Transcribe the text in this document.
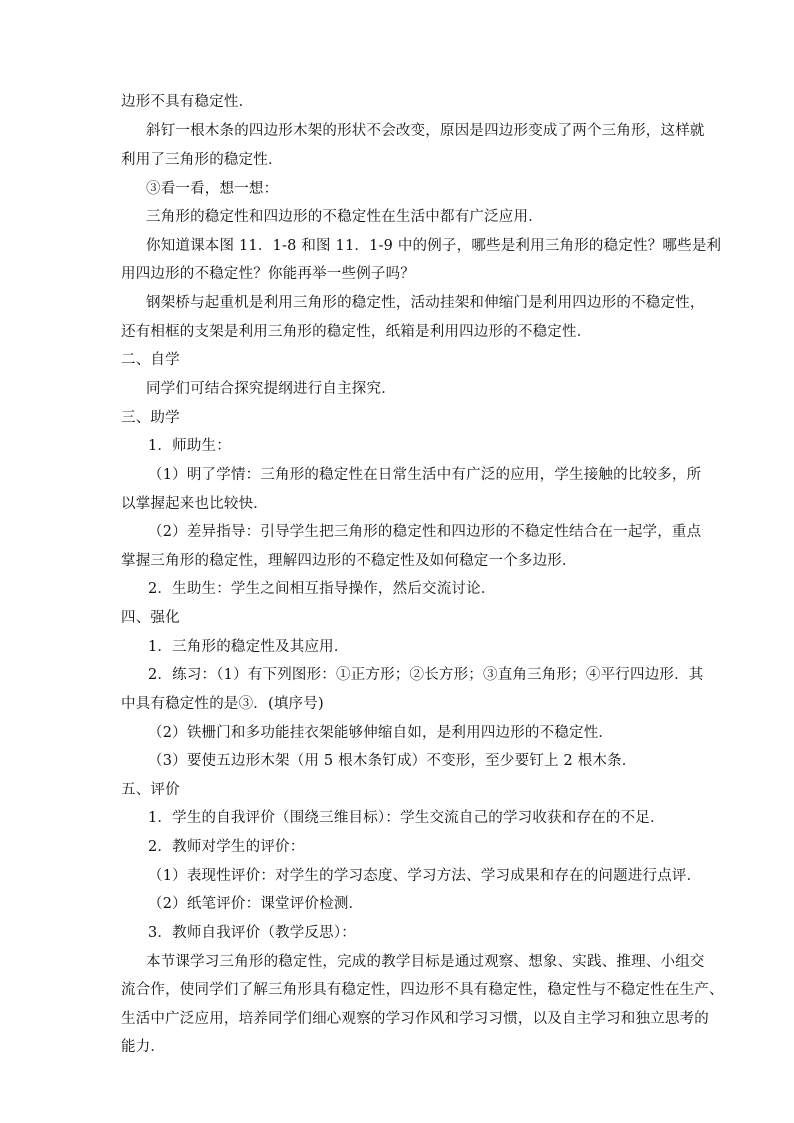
边形不具有稳定性．
斜钉一根木条的四边形木架的形状不会改变，原因是四边形变成了两个三角形，这样就
利用了三角形的稳定性．
③看一看，想一想：
三角形的稳定性和四边形的不稳定性在生活中都有广泛应用．
你知道课本图 11．1-8 和图 11．1-9 中的例子，哪些是利用三角形的稳定性？哪些是利
用四边形的不稳定性？你能再举一些例子吗？
钢架桥与起重机是利用三角形的稳定性，活动挂架和伸缩门是利用四边形的不稳定性，
还有相框的支架是利用三角形的稳定性，纸箱是利用四边形的不稳定性．
二、自学
同学们可结合探究提纲进行自主探究．
三、助学
1．师助生：
（1）明了学情：三角形的稳定性在日常生活中有广泛的应用，学生接触的比较多，所
以掌握起来也比较快．
（2）差异指导：引导学生把三角形的稳定性和四边形的不稳定性结合在一起学，重点
掌握三角形的稳定性，理解四边形的不稳定性及如何稳定一个多边形．
2．生助生：学生之间相互指导操作，然后交流讨论．
四、强化
1．三角形的稳定性及其应用．
2．练习：（1）有下列图形：①正方形；②长方形；③直角三角形；④平行四边形．其
中具有稳定性的是③．(填序号)
（2）铁栅门和多功能挂衣架能够伸缩自如，是利用四边形的不稳定性．
（3）要使五边形木架（用 5 根木条钉成）不变形，至少要钉上 2 根木条．
五、评价
1．学生的自我评价（围绕三维目标）：学生交流自己的学习收获和存在的不足．
2．教师对学生的评价：
（1）表现性评价：对学生的学习态度、学习方法、学习成果和存在的问题进行点评．
（2）纸笔评价：课堂评价检测．
3．教师自我评价（教学反思）：
本节课学习三角形的稳定性，完成的教学目标是通过观察、想象、实践、推理、小组交
流合作，使同学们了解三角形具有稳定性，四边形不具有稳定性，稳定性与不稳定性在生产、
生活中广泛应用，培养同学们细心观察的学习作风和学习习惯，以及自主学习和独立思考的
能力．
